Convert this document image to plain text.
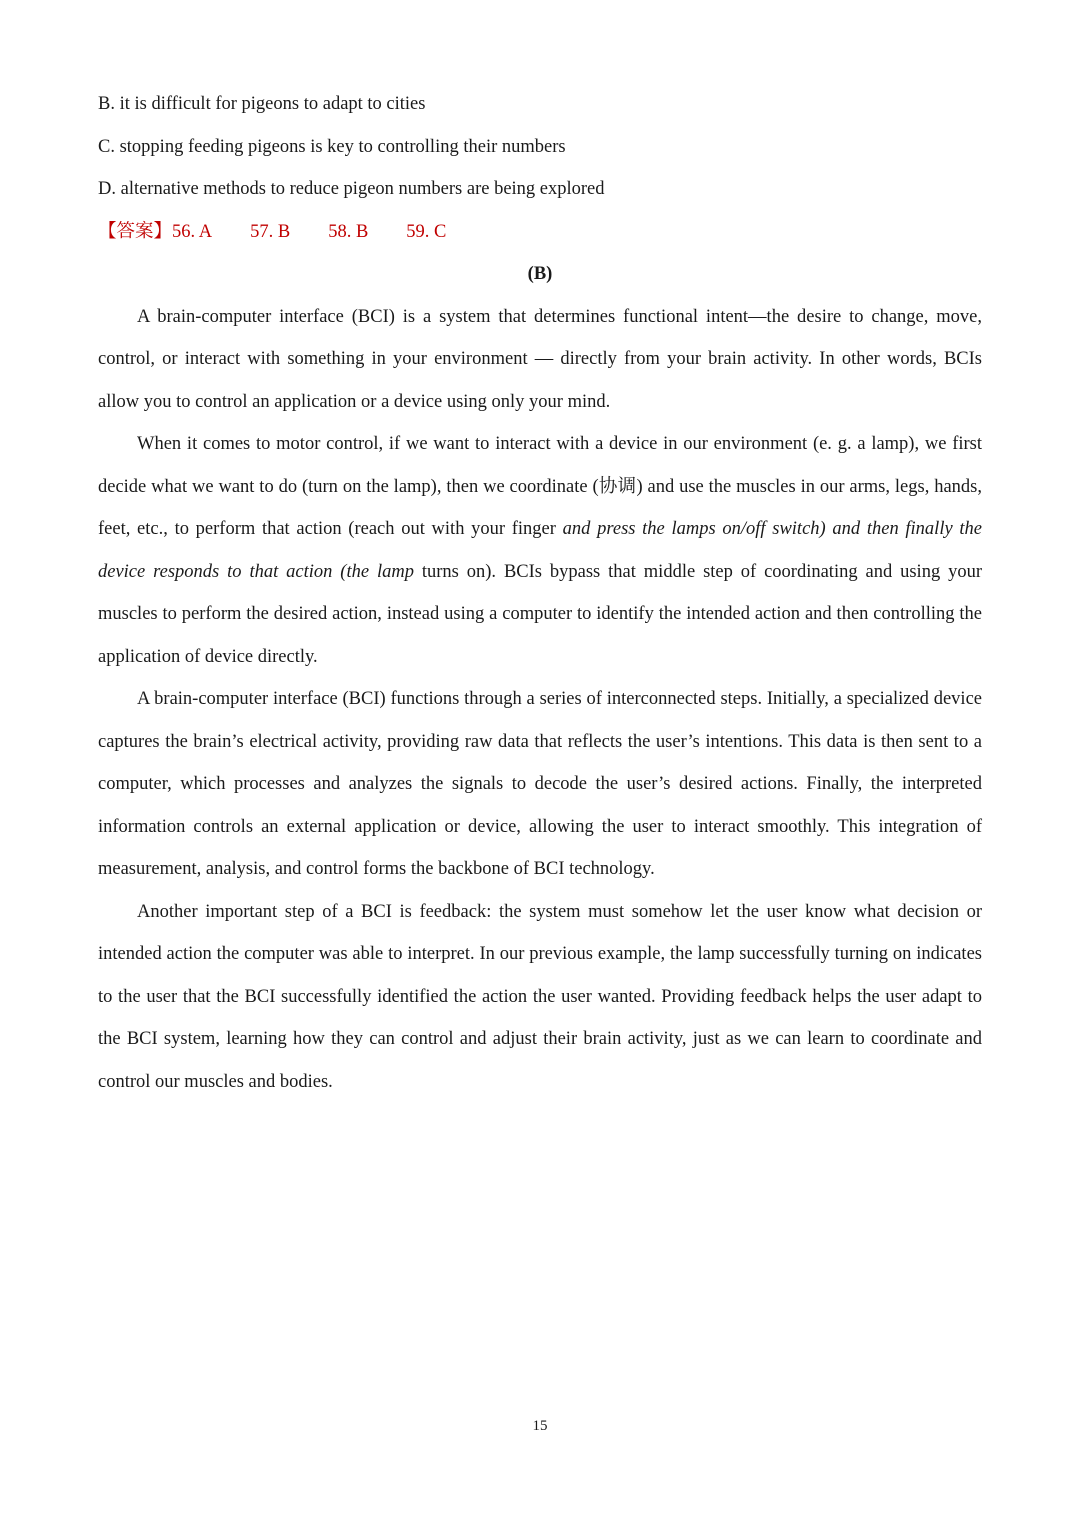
B. it is difficult for pigeons to adapt to cities

C. stopping feeding pigeons is key to controlling their numbers

D. alternative methods to reduce pigeon numbers are being explored

【答案】56. A 57. B 58. B 59. C

(B)

A brain-computer interface (BCI) is a system that determines functional intent—the desire to change, move, control, or interact with something in your environment — directly from your brain activity. In other words, BCIs allow you to control an application or a device using only your mind.

When it comes to motor control, if we want to interact with a device in our environment (e. g. a lamp), we first decide what we want to do (turn on the lamp), then we coordinate (协调) and use the muscles in our arms, legs, hands, feet, etc., to perform that action (reach out with your finger and press the lamps on/off switch) and then finally the device responds to that action (the lamp turns on). BCIs bypass that middle step of coordinating and using your muscles to perform the desired action, instead using a computer to identify the intended action and then controlling the application of device directly.

A brain-computer interface (BCI) functions through a series of interconnected steps. Initially, a specialized device captures the brain’s electrical activity, providing raw data that reflects the user’s intentions. This data is then sent to a computer, which processes and analyzes the signals to decode the user’s desired actions. Finally, the interpreted information controls an external application or device, allowing the user to interact smoothly. This integration of measurement, analysis, and control forms the backbone of BCI technology.

Another important step of a BCI is feedback: the system must somehow let the user know what decision or intended action the computer was able to interpret. In our previous example, the lamp successfully turning on indicates to the user that the BCI successfully identified the action the user wanted. Providing feedback helps the user adapt to the BCI system, learning how they can control and adjust their brain activity, just as we can learn to coordinate and control our muscles and bodies.

15
